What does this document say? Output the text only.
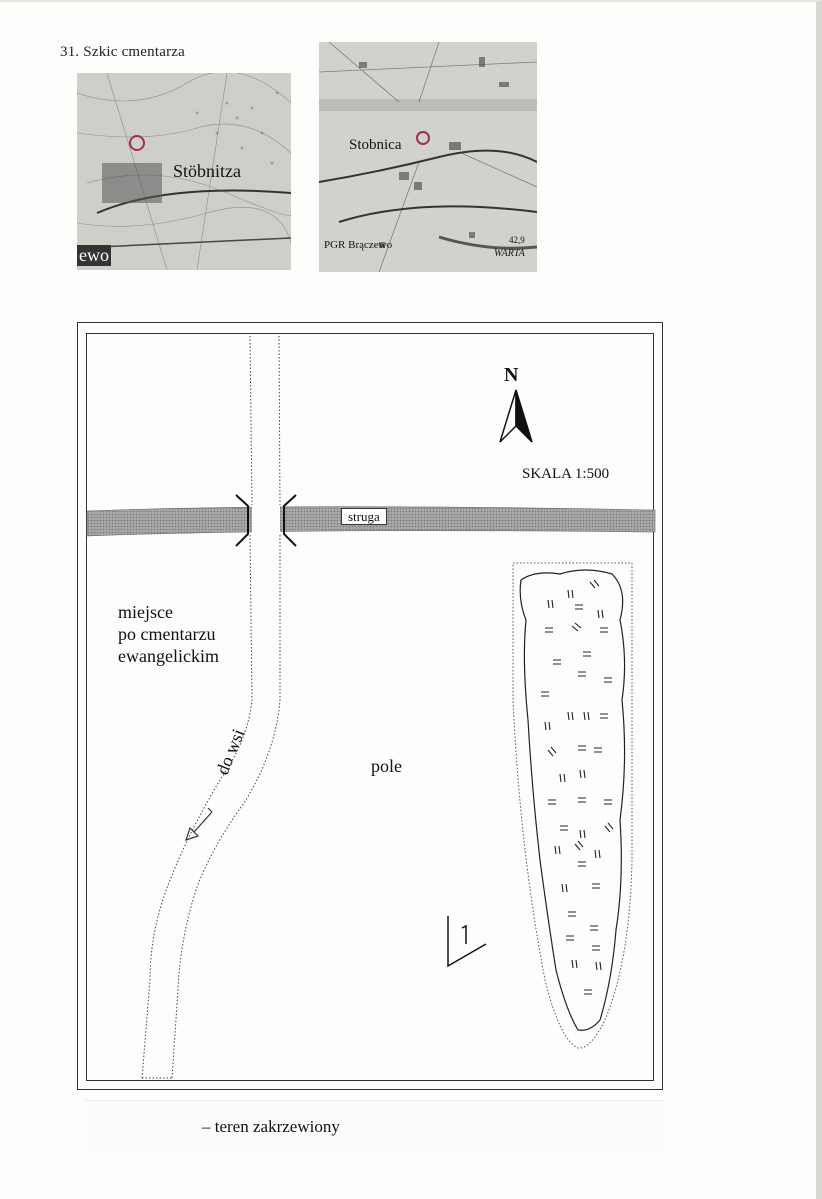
31. Szkic cmentarza
Stöbnitza
ewo
Stobnica
PGR Brączewo
WARTA
42,9
N
SKALA 1:500
struga
miejsce
po cmentarzu
ewangelickim
pole
do wsi
– teren zakrzewiony
